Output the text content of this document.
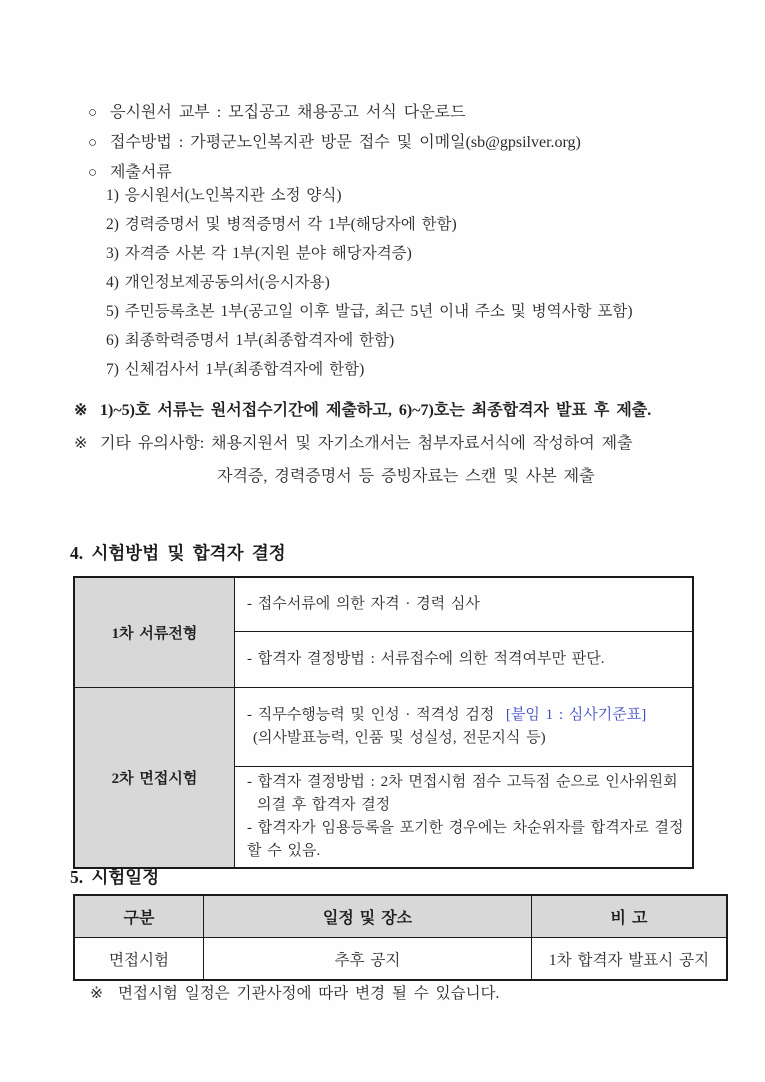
○ 응시원서 교부 : 모집공고 채용공고 서식 다운로드
○ 접수방법 : 가평군노인복지관 방문 접수 및 이메일(sb@gpsilver.org)
○ 제출서류
1) 응시원서(노인복지관 소정 양식)
2) 경력증명서 및 병적증명서 각 1부(해당자에 한함)
3) 자격증 사본 각 1부(지원 분야 해당자격증)
4) 개인정보제공동의서(응시자용)
5) 주민등록초본 1부(공고일 이후 발급, 최근 5년 이내 주소 및 병역사항 포함)
6) 최종학력증명서 1부(최종합격자에 한함)
7) 신체검사서 1부(최종합격자에 한함)
※ 1)~5)호 서류는 원서접수기간에 제출하고, 6)~7)호는 최종합격자 발표 후 제출.
※ 기타 유의사항: 채용지원서 및 자기소개서는 첨부자료서식에 작성하여 제출
자격증, 경력증명서 등 증빙자료는 스캔 및 사본 제출
4. 시험방법 및 합격자 결정
1차 서류전형	- 접수서류에 의한 자격 · 경력 심사
	- 합격자 결정방법 : 서류접수에 의한 적격여부만 판단.
2차 면접시험	- 직무수행능력 및 인성 · 적격성 검정 [붙임 1 : 심사기준표]
(의사발표능력, 인품 및 성실성, 전문지식 등)

	- 합격자 결정방법 : 2차 면접시험 점수 고득점 순으로 인사위원회
의결 후 합격자 결정
- 합격자가 임용등록을 포기한 경우에는 차순위자를 합격자로 결정할 수 있음.
5. 시험일정
구분	일정 및 장소	비 고
면접시험	추후 공지	1차 합격자 발표시 공지
※ 면접시험 일정은 기관사정에 따라 변경 될 수 있습니다.
